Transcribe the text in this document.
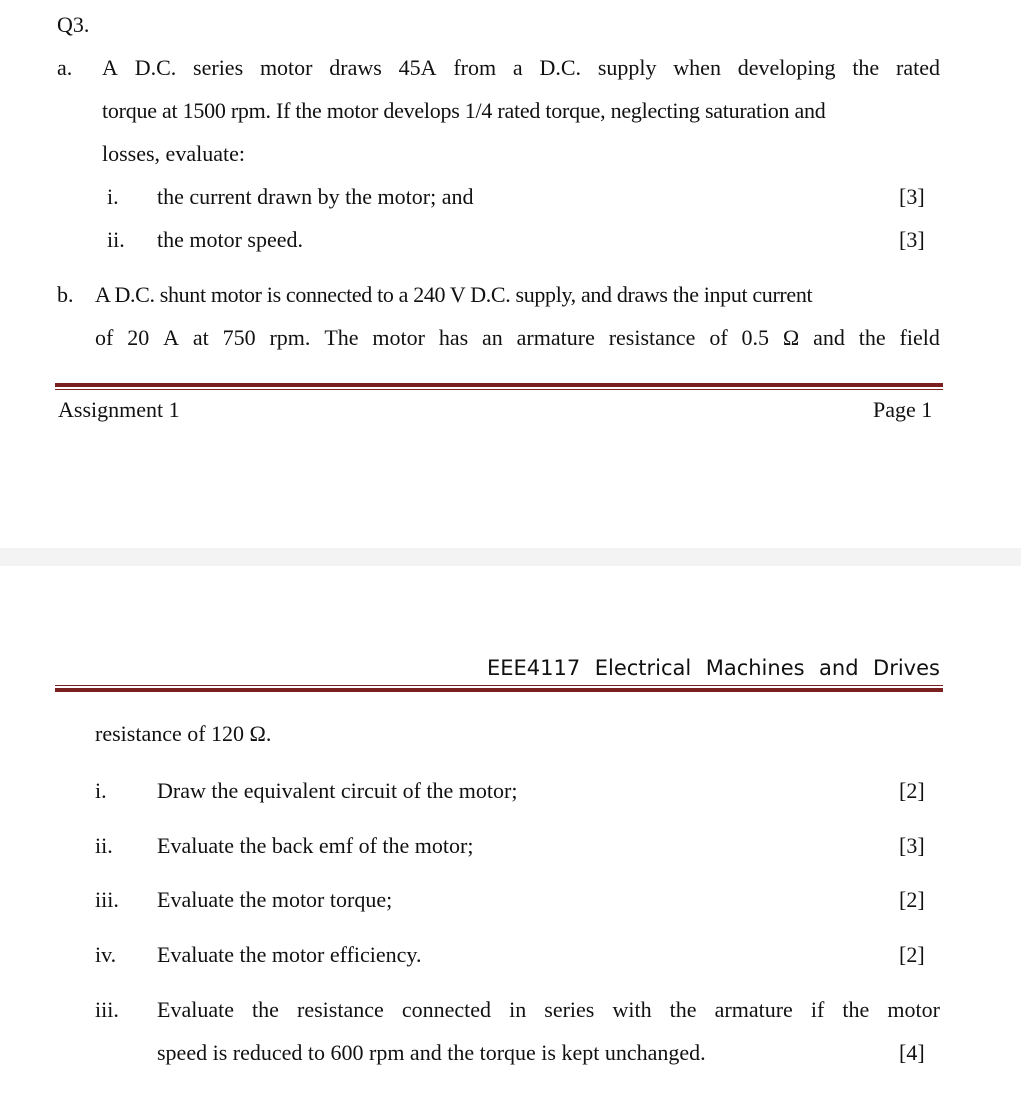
Q3.
a. A D.C. series motor draws 45A from a D.C. supply when developing the rated
torque at 1500 rpm. If the motor develops 1/4 rated torque, neglecting saturation and
losses, evaluate:
i. the current drawn by the motor; and	[3]
ii. the motor speed.	[3]
b. A D.C. shunt motor is connected to a 240 V D.C. supply, and draws the input current
of 20 A at 750 rpm. The motor has an armature resistance of 0.5 Ω and the field
Assignment 1	Page 1
EEE4117 Electrical Machines and Drives
resistance of 120 Ω.
i. Draw the equivalent circuit of the motor;	[2]
ii. Evaluate the back emf of the motor;	[3]
iii. Evaluate the motor torque;	[2]
iv. Evaluate the motor efficiency.	[2]
iii. Evaluate the resistance connected in series with the armature if the motor
speed is reduced to 600 rpm and the torque is kept unchanged.	[4]
